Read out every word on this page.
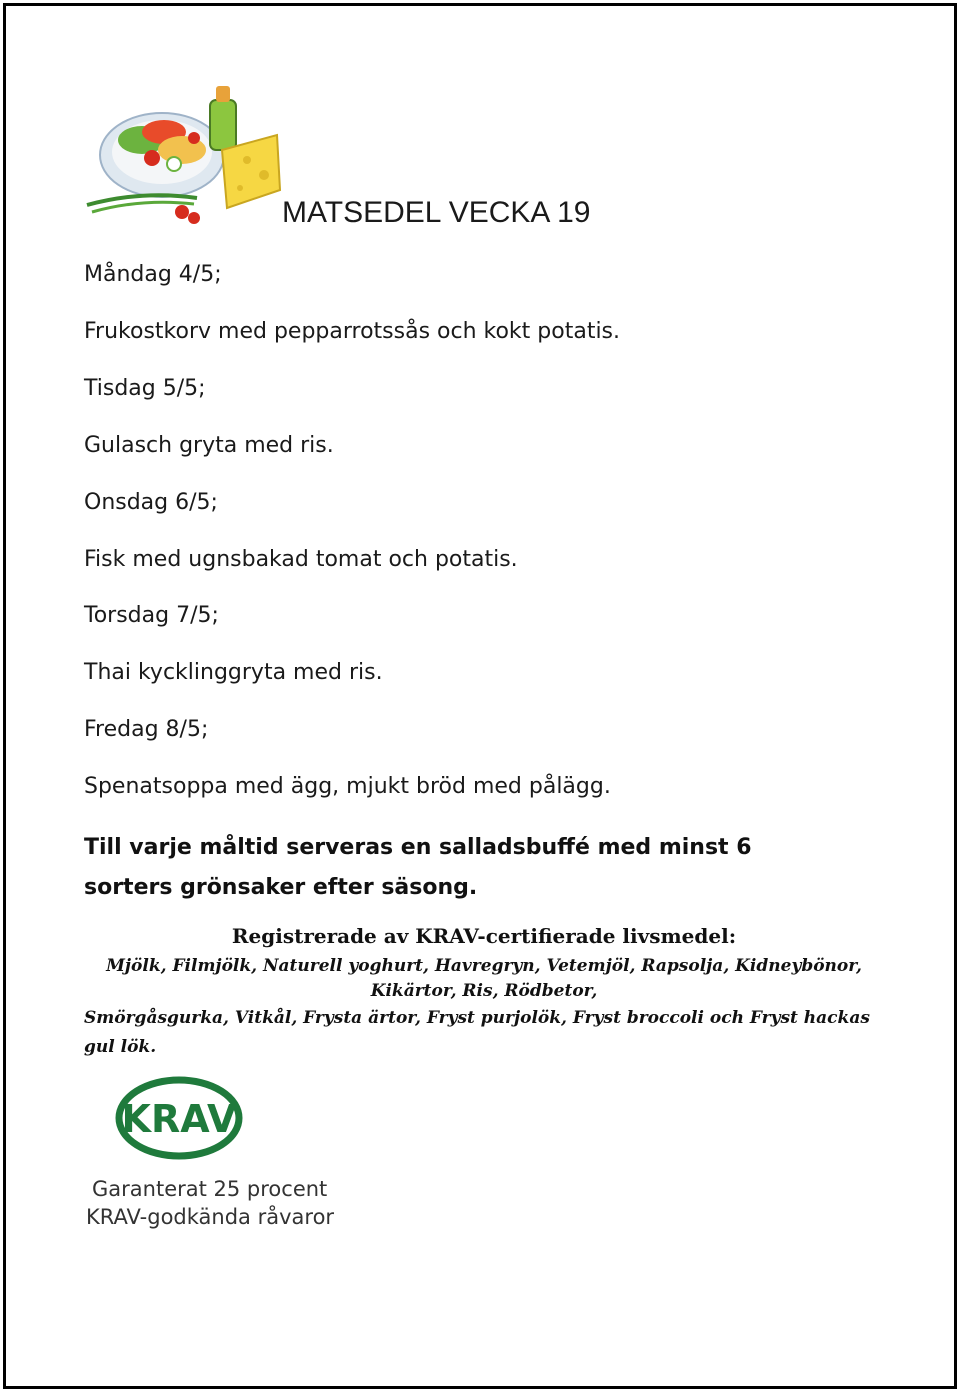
MATSEDEL VECKA 19
Måndag 4/5;
Frukostkorv med pepparrotssås och kokt potatis.
Tisdag 5/5;
Gulasch gryta med ris.
Onsdag 6/5;
Fisk med ugnsbakad tomat och potatis.
Torsdag 7/5;
Thai kycklinggryta med ris.
Fredag 8/5;
Spenatsoppa med ägg, mjukt bröd med pålägg.
Till varje måltid serveras en salladsbuffé med minst 6 sorters grönsaker efter säsong.
Registrerade av KRAV-certifierade livsmedel:
Mjölk, Filmjölk, Naturell yoghurt, Havregryn, Vetemjöl, Rapsolja, Kidneybönor,
Kikärtor, Ris, Rödbetor,
Smörgåsgurka, Vitkål, Frysta ärtor, Fryst purjolök, Fryst broccoli och Fryst hackas gul lök.
KRAV
Garanterat 25 procent
KRAV-godkända råvaror
